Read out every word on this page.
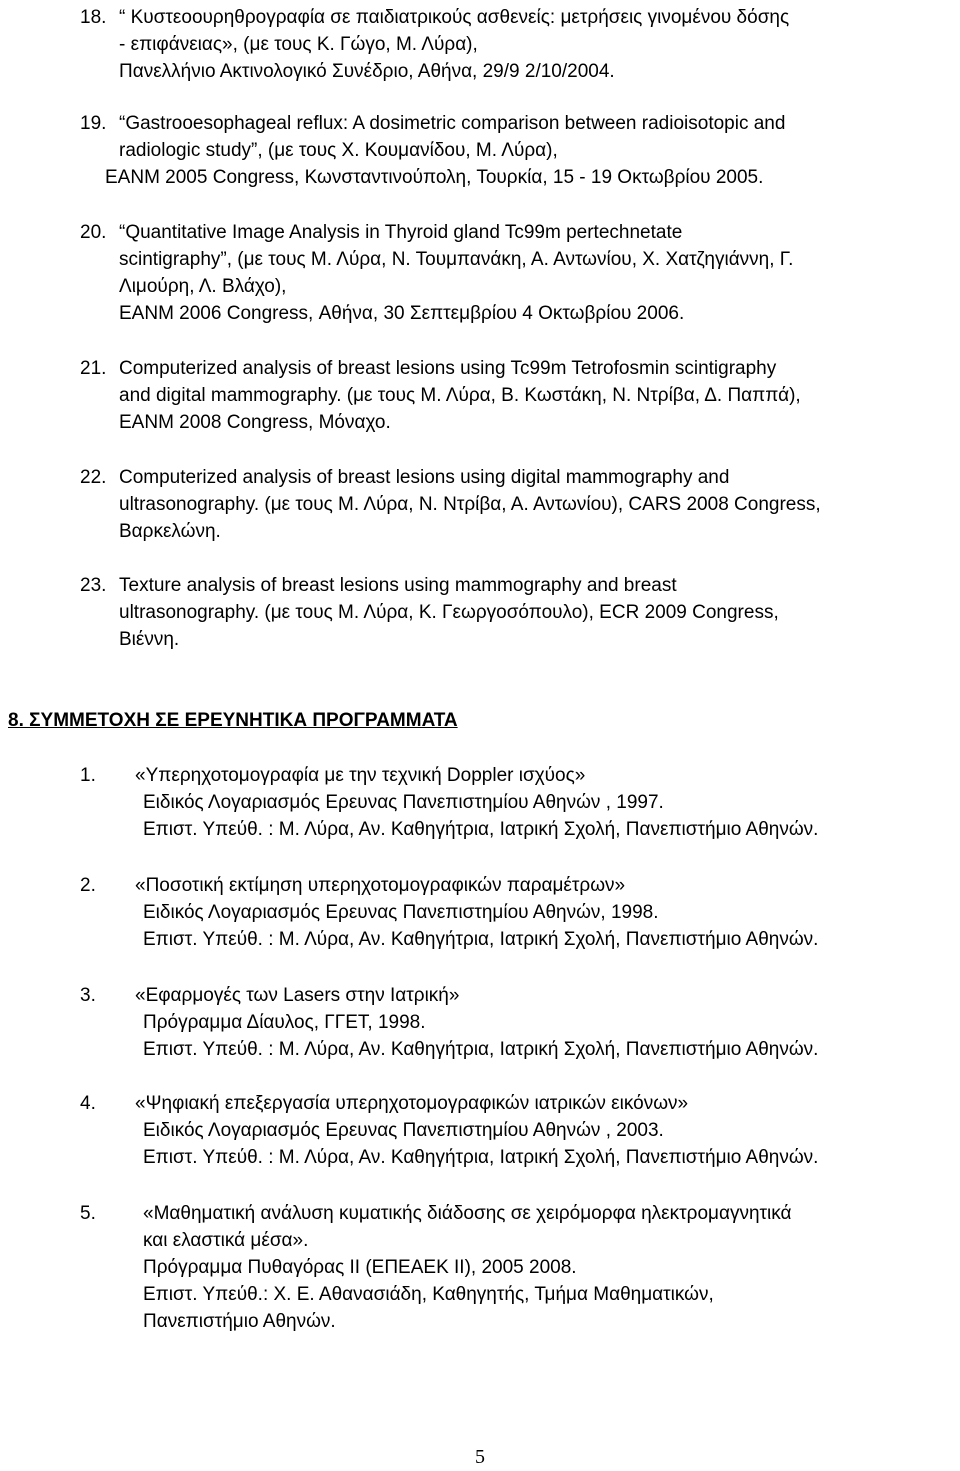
18. “ Κυστεοουρηθρογραφία σε παιδιατρικούς ασθενείς: μετρήσεις γινομένου δόσης

- επιφάνειας», (με τους Κ. Γώγο, Μ. Λύρα),

Πανελλήνιο Ακτινολογικό Συνέδριο, Αθήνα, 29/9 2/10/2004.

19. “Gastrooesophageal reflux: A dosimetric comparison between radioisotopic and

radiologic study”, (με τους Χ. Κουμανίδου, Μ. Λύρα),

EANM 2005 Congress, Κωνσταντινούπολη, Τουρκία, 15 - 19 Οκτωβρίου 2005.

20. “Quantitative Image Analysis in Thyroid gland Tc99m pertechnetate

scintigraphy”, (με τους Μ. Λύρα, Ν. Τουμπανάκη, Α. Αντωνίου, Χ. Χατζηγιάννη, Γ.

Λιμούρη, Λ. Βλάχο),

EANM 2006 Congress, Αθήνα, 30 Σεπτεμβρίου 4 Οκτωβρίου 2006.

21. Computerized analysis of breast lesions using Tc99m Tetrofosmin scintigraphy

and digital mammography. (με τους Μ. Λύρα, Β. Κωστάκη, Ν. Ντρίβα, Δ. Παππά),

EANM 2008 Congress, Μόναχο.

22. Computerized analysis of breast lesions using digital mammography and

ultrasonography. (με τους Μ. Λύρα, Ν. Ντρίβα, Α. Αντωνίου), CARS 2008 Congress,

Βαρκελώνη.

23. Texture analysis of breast lesions using mammography and breast

ultrasonography. (με τους Μ. Λύρα, Κ. Γεωργοσόπουλο), ECR 2009 Congress,

Βιέννη.

8. ΣΥΜΜΕΤΟΧΗ ΣΕ ΕΡΕΥΝΗΤΙΚΑ ΠΡΟΓΡΑΜΜΑΤΑ
1. «Υπερηχοτομογραφία με την τεχνική Doppler ισχύος»

Ειδικός Λογαριασμός Ερευνας Πανεπιστημίου Αθηνών , 1997.

Επιστ. Υπεύθ. : Μ. Λύρα, Αν. Καθηγήτρια, Ιατρική Σχολή, Πανεπιστήμιο Αθηνών.

2. «Ποσοτική εκτίμηση υπερηχοτομογραφικών παραμέτρων»

Ειδικός Λογαριασμός Ερευνας Πανεπιστημίου Αθηνών, 1998.

Επιστ. Υπεύθ. : Μ. Λύρα, Αν. Καθηγήτρια, Ιατρική Σχολή, Πανεπιστήμιο Αθηνών.

3. «Εφαρμογές των Lasers στην Ιατρική»

Πρόγραμμα Δίαυλος, ΓΓΕΤ, 1998.

Επιστ. Υπεύθ. : Μ. Λύρα, Αν. Καθηγήτρια, Ιατρική Σχολή, Πανεπιστήμιο Αθηνών.

4. «Ψηφιακή επεξεργασία υπερηχοτομογραφικών ιατρικών εικόνων»

Ειδικός Λογαριασμός Ερευνας Πανεπιστημίου Αθηνών , 2003.

Επιστ. Υπεύθ. : Μ. Λύρα, Αν. Καθηγήτρια, Ιατρική Σχολή, Πανεπιστήμιο Αθηνών.

5. «Μαθηματική ανάλυση κυματικής διάδοσης σε χειρόμορφα ηλεκτρομαγνητικά

και ελαστικά μέσα».

Πρόγραμμα Πυθαγόρας ΙΙ (ΕΠΕΑΕΚ ΙΙ), 2005 2008.

Επιστ. Υπεύθ.: Χ. Ε. Αθανασιάδη, Καθηγητής, Τμήμα Μαθηματικών,

Πανεπιστήμιο Αθηνών.

5
